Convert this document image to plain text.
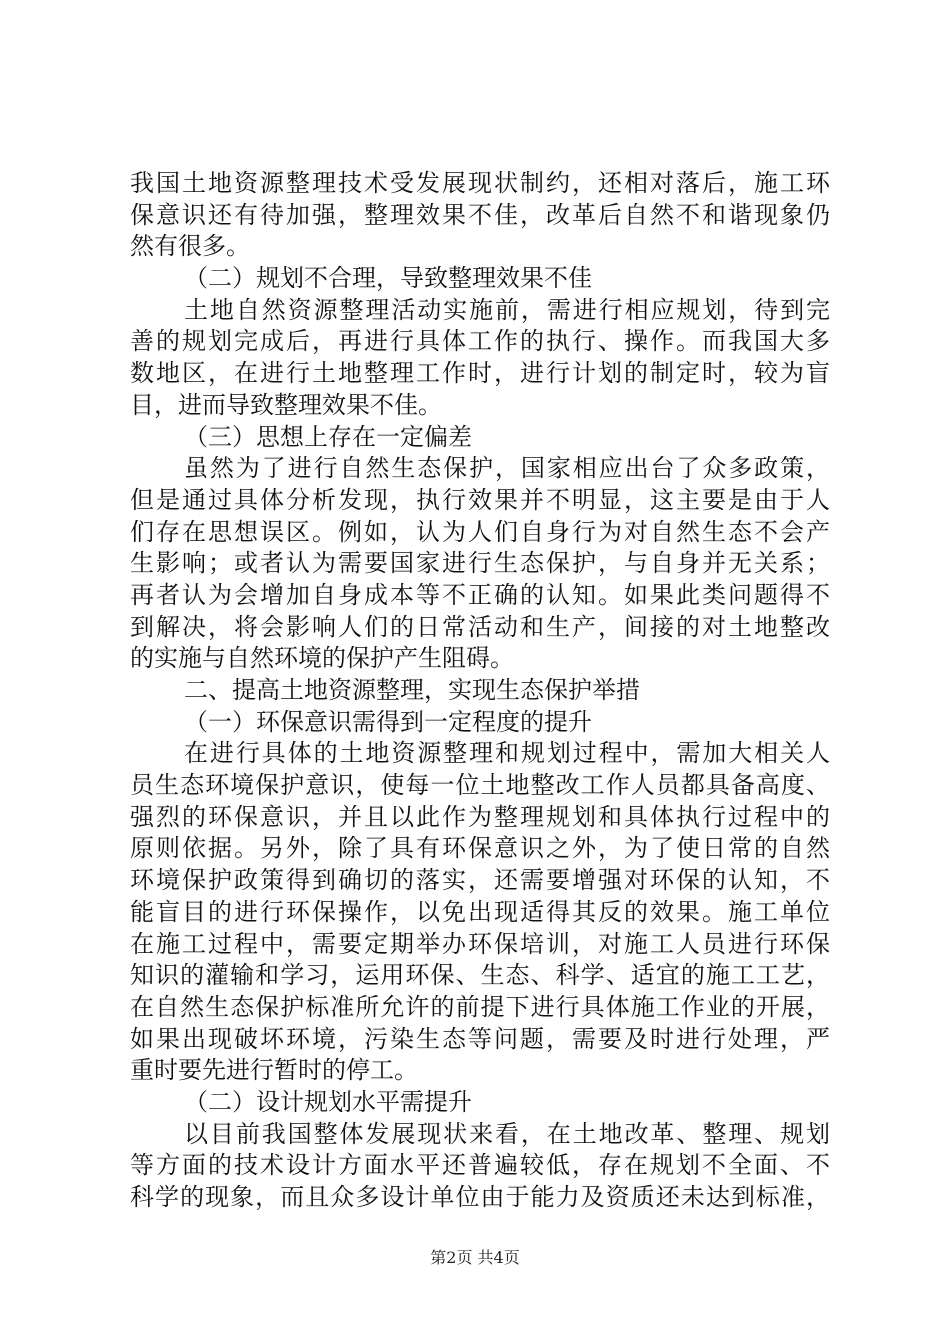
我国土地资源整理技术受发展现状制约，还相对落后，施工环
保意识还有待加强，整理效果不佳，改革后自然不和谐现象仍
然有很多。
（二）规划不合理，导致整理效果不佳
土地自然资源整理活动实施前，需进行相应规划，待到完
善的规划完成后，再进行具体工作的执行、操作。而我国大多
数地区，在进行土地整理工作时，进行计划的制定时，较为盲
目，进而导致整理效果不佳。
（三）思想上存在一定偏差
虽然为了进行自然生态保护，国家相应出台了众多政策，
但是通过具体分析发现，执行效果并不明显，这主要是由于人
们存在思想误区。例如，认为人们自身行为对自然生态不会产
生影响；或者认为需要国家进行生态保护，与自身并无关系；
再者认为会增加自身成本等不正确的认知。如果此类问题得不
到解决，将会影响人们的日常活动和生产，间接的对土地整改
的实施与自然环境的保护产生阻碍。
二、提高土地资源整理，实现生态保护举措
（一）环保意识需得到一定程度的提升
在进行具体的土地资源整理和规划过程中，需加大相关人
员生态环境保护意识，使每一位土地整改工作人员都具备高度、
强烈的环保意识，并且以此作为整理规划和具体执行过程中的
原则依据。另外，除了具有环保意识之外，为了使日常的自然
环境保护政策得到确切的落实，还需要增强对环保的认知，不
能盲目的进行环保操作，以免出现适得其反的效果。施工单位
在施工过程中，需要定期举办环保培训，对施工人员进行环保
知识的灌输和学习，运用环保、生态、科学、适宜的施工工艺，
在自然生态保护标准所允许的前提下进行具体施工作业的开展，
如果出现破坏环境，污染生态等问题，需要及时进行处理，严
重时要先进行暂时的停工。
（二）设计规划水平需提升
以目前我国整体发展现状来看，在土地改革、整理、规划
等方面的技术设计方面水平还普遍较低，存在规划不全面、不
科学的现象，而且众多设计单位由于能力及资质还未达到标准，
第2页 共4页
